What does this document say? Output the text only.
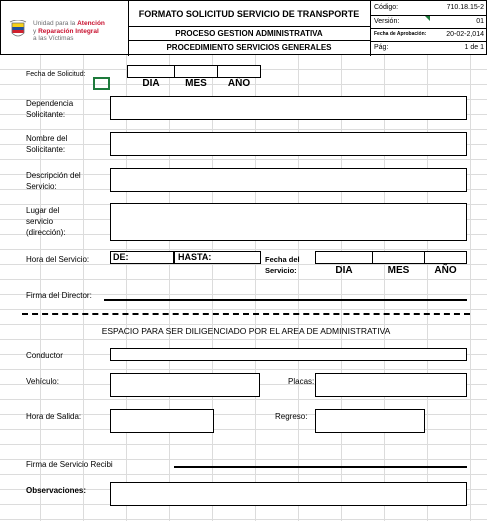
Unidad para la Atención
y Reparación Integral
a las Víctimas
FORMATO SOLICITUD SERVICIO DE TRANSPORTE
PROCESO GESTION ADMINISTRATIVA
PROCEDIMIENTO SERVICIOS GENERALES
Código:	710.18.15-2
Versión:	01
Fecha de Aprobación:	20-02-2,014
Pág:	1 de 1
Fecha de Solicitud:
DIA	MES	AÑO
Dependencia
Solicitante:
Nombre del
Solicitante:
Descripción del
Servicio:
Lugar del
servicio
(dirección):
Hora del Servicio:	DE:	HASTA:	Fecha del
Servicio:	DIA	MES	AÑO
Firma del Director:
ESPACIO PARA SER DILIGENCIADO POR EL AREA DE ADMINISTRATIVA
Conductor
Vehículo:	Placas:
Hora de Salida:	Regreso:
Firma de Servicio Recibi
Observaciones:
